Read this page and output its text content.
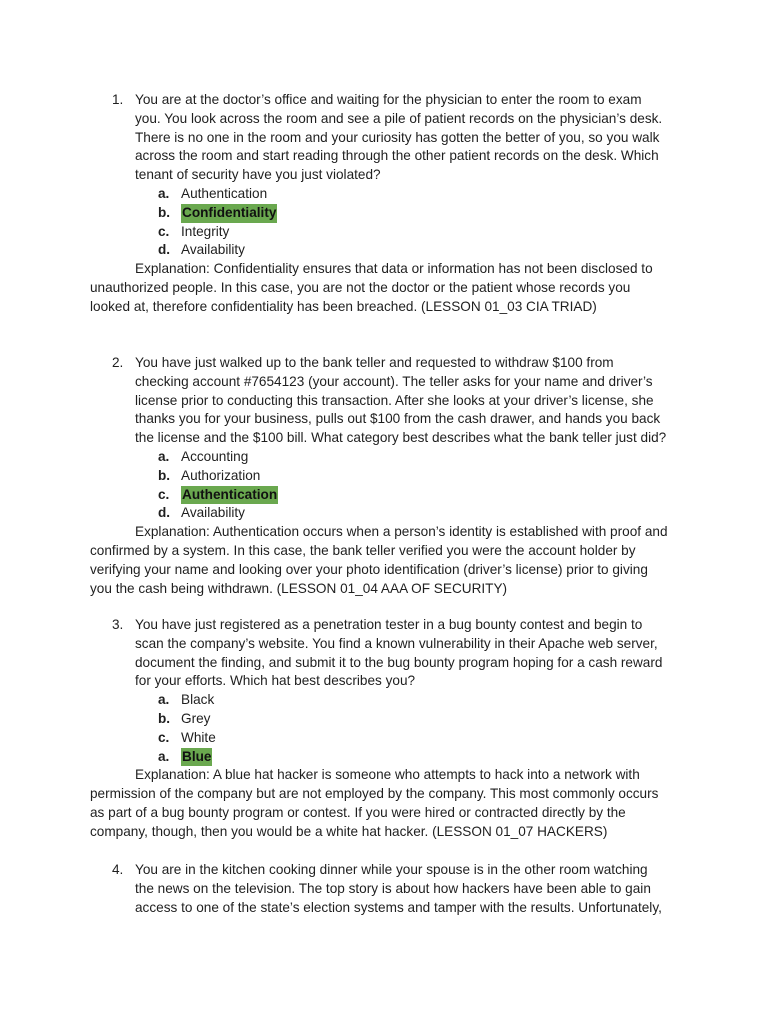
1. You are at the doctor’s office and waiting for the physician to enter the room to exam
you. You look across the room and see a pile of patient records on the physician’s desk.
There is no one in the room and your curiosity has gotten the better of you, so you walk
across the room and start reading through the other patient records on the desk. Which
tenant of security have you just violated?
a. Authentication
b. Confidentiality
c. Integrity
d. Availability
Explanation: Confidentiality ensures that data or information has not been disclosed to
unauthorized people. In this case, you are not the doctor or the patient whose records you
looked at, therefore confidentiality has been breached. (LESSON 01_03 CIA TRIAD)
2. You have just walked up to the bank teller and requested to withdraw $100 from
checking account #7654123 (your account). The teller asks for your name and driver’s
license prior to conducting this transaction. After she looks at your driver’s license, she
thanks you for your business, pulls out $100 from the cash drawer, and hands you back
the license and the $100 bill. What category best describes what the bank teller just did?
a. Accounting
b. Authorization
c. Authentication
d. Availability
Explanation: Authentication occurs when a person’s identity is established with proof and
confirmed by a system. In this case, the bank teller verified you were the account holder by
verifying your name and looking over your photo identification (driver’s license) prior to giving
you the cash being withdrawn. (LESSON 01_04 AAA OF SECURITY)
3. You have just registered as a penetration tester in a bug bounty contest and begin to
scan the company’s website. You find a known vulnerability in their Apache web server,
document the finding, and submit it to the bug bounty program hoping for a cash reward
for your efforts. Which hat best describes you?
a. Black
b. Grey
c. White
a. Blue
Explanation: A blue hat hacker is someone who attempts to hack into a network with
permission of the company but are not employed by the company. This most commonly occurs
as part of a bug bounty program or contest. If you were hired or contracted directly by the
company, though, then you would be a white hat hacker. (LESSON 01_07 HACKERS)
4. You are in the kitchen cooking dinner while your spouse is in the other room watching
the news on the television. The top story is about how hackers have been able to gain
access to one of the state’s election systems and tamper with the results. Unfortunately,
